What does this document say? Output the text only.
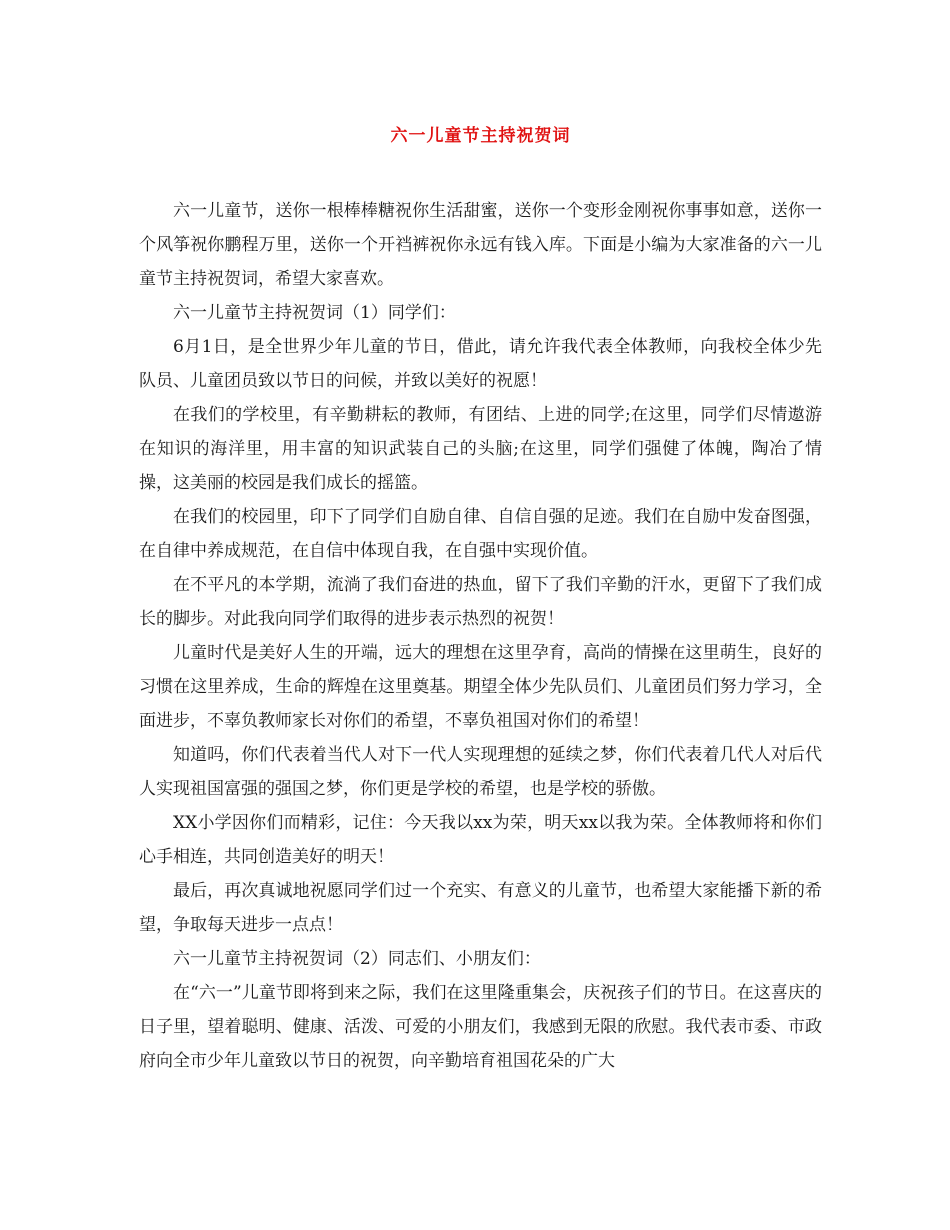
六一儿童节主持祝贺词

六一儿童节，送你一根棒棒糖祝你生活甜蜜，送你一个变形金刚祝你事事如意，送你一个风筝祝你鹏程万里，送你一个开裆裤祝你永远有钱入库。下面是小编为大家准备的六一儿童节主持祝贺词，希望大家喜欢。

六一儿童节主持祝贺词（1）同学们：

6月1日，是全世界少年儿童的节日，借此，请允许我代表全体教师，向我校全体少先队员、儿童团员致以节日的问候，并致以美好的祝愿！

在我们的学校里，有辛勤耕耘的教师，有团结、上进的同学;在这里，同学们尽情遨游在知识的海洋里，用丰富的知识武装自己的头脑;在这里，同学们强健了体魄，陶冶了情操，这美丽的校园是我们成长的摇篮。

在我们的校园里，印下了同学们自励自律、自信自强的足迹。我们在自励中发奋图强，在自律中养成规范，在自信中体现自我，在自强中实现价值。

在不平凡的本学期，流淌了我们奋进的热血，留下了我们辛勤的汗水，更留下了我们成长的脚步。对此我向同学们取得的进步表示热烈的祝贺！

儿童时代是美好人生的开端，远大的理想在这里孕育，高尚的情操在这里萌生，良好的习惯在这里养成，生命的辉煌在这里奠基。期望全体少先队员们、儿童团员们努力学习，全面进步，不辜负教师家长对你们的希望，不辜负祖国对你们的希望！

知道吗，你们代表着当代人对下一代人实现理想的延续之梦，你们代表着几代人对后代人实现祖国富强的强国之梦，你们更是学校的希望，也是学校的骄傲。

XX小学因你们而精彩，记住：今天我以xx为荣，明天xx以我为荣。全体教师将和你们心手相连，共同创造美好的明天！

最后，再次真诚地祝愿同学们过一个充实、有意义的儿童节，也希望大家能播下新的希望，争取每天进步一点点！

六一儿童节主持祝贺词（2）同志们、小朋友们：

在“六一”儿童节即将到来之际，我们在这里隆重集会，庆祝孩子们的节日。在这喜庆的日子里，望着聪明、健康、活泼、可爱的小朋友们，我感到无限的欣慰。我代表市委、市政府向全市少年儿童致以节日的祝贺，向辛勤培育祖国花朵的广大
